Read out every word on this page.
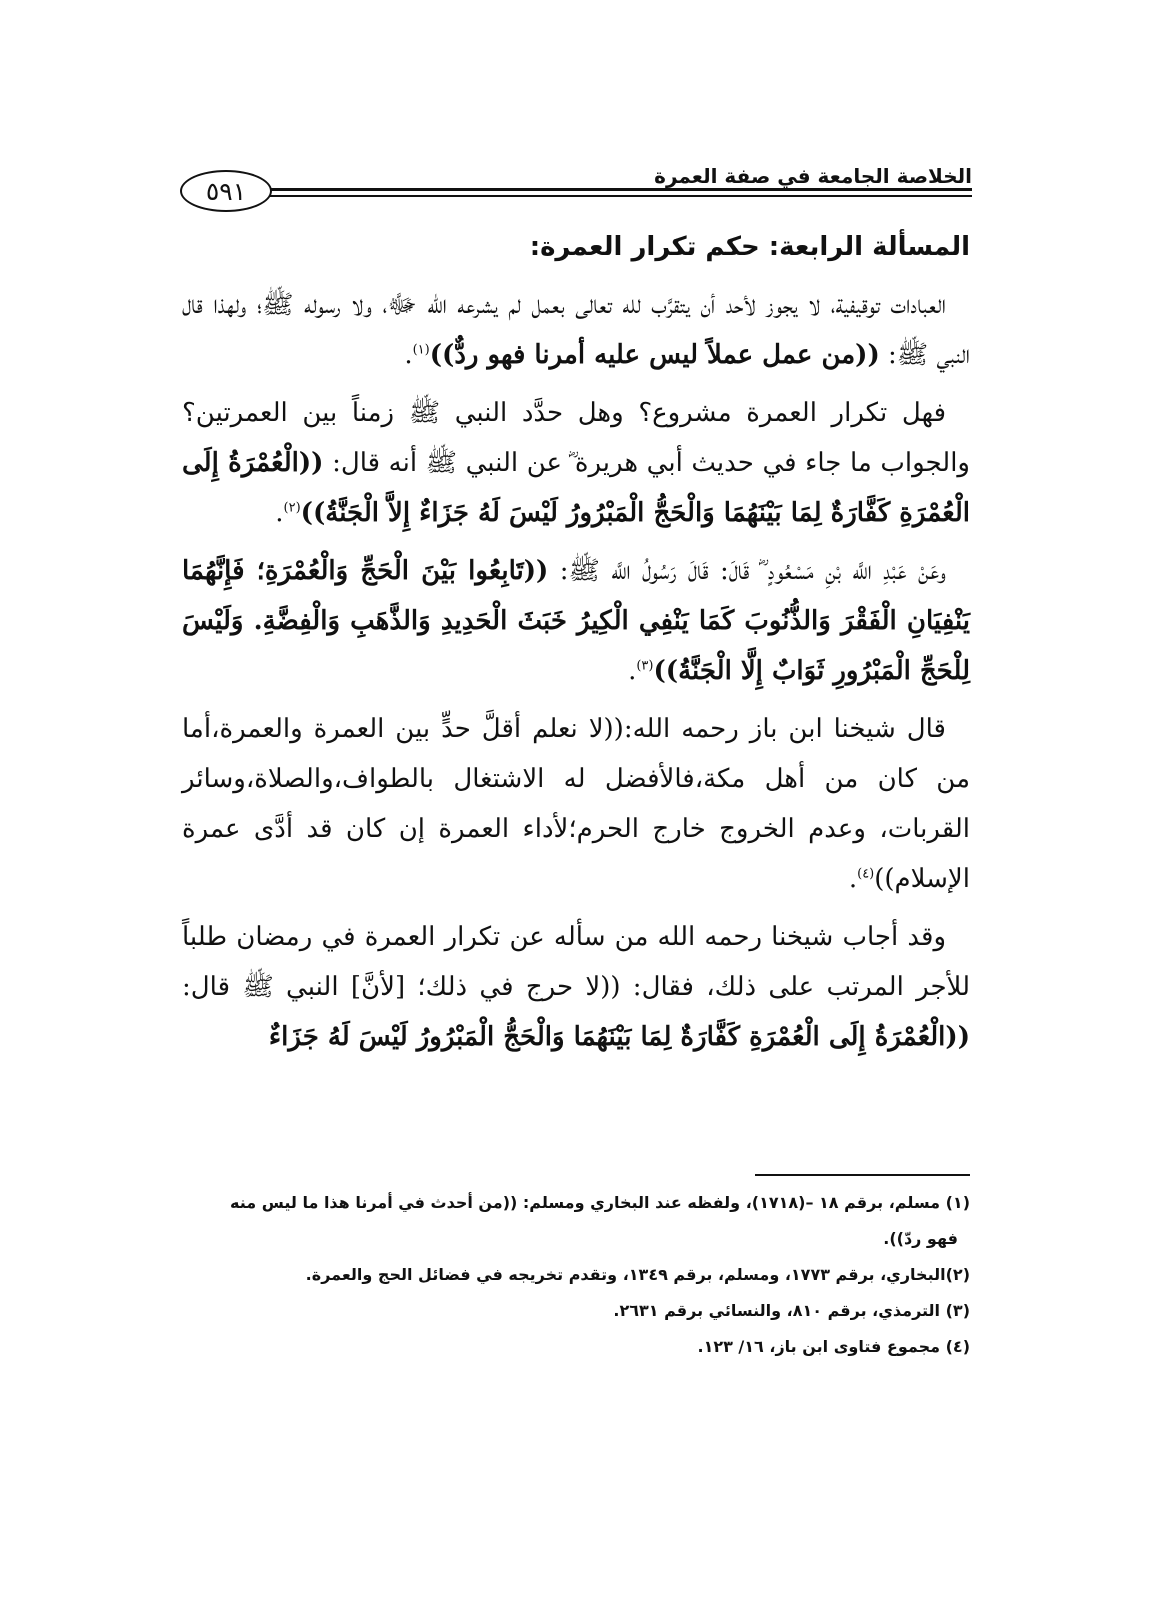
الخلاصة الجامعة في صفة العمرة
٥٩١
المسألة الرابعة: حكم تكرار العمرة:

العبادات توقيفية، لا يجوز لأحد أن يتقرَّب لله تعالى بعمل لم يشرعه الله ﷻ، ولا رسوله ﷺ؛ ولهذا قال النبي ﷺ: ((من عمل عملاً ليس عليه أمرنا فهو ردٌّ))$^{(١)}$.

فهل تكرار العمرة مشروع؟ وهل حدَّد النبي ﷺ زمناً بين العمرتين؟ والجواب ما جاء في حديث أبي هريرة ؓ عن النبي ﷺ أنه قال: ((الْعُمْرَةُ إِلَى الْعُمْرَةِ كَفَّارَةٌ لِمَا بَيْنَهُمَا وَالْحَجُّ الْمَبْرُورُ لَيْسَ لَهُ جَزَاءٌ إِلاَّ الْجَنَّةُ))$^{(٢)}$.

وعَنْ عَبْدِ اللَّه بْنِ مَسْعُودٍ ؓ قَالَ: قَالَ رَسُولُ اللَّه ﷺ: ((تَابِعُوا بَيْنَ الْحَجِّ وَالْعُمْرَةِ؛ فَإِنَّهُمَا يَنْفِيَانِ الْفَقْرَ وَالذُّنُوبَ كَمَا يَنْفِي الْكِيرُ خَبَثَ الْحَدِيدِ وَالذَّهَبِ وَالْفِضَّةِ. وَلَيْسَ لِلْحَجِّ الْمَبْرُورِ ثَوَابٌ إِلَّا الْجَنَّةُ))$^{(٣)}$.

قال شيخنا ابن باز رحمه الله:((لا نعلم أقلَّ حدٍّ بين العمرة والعمرة،أما من كان من أهل مكة،فالأفضل له الاشتغال بالطواف،والصلاة،وسائر القربات، وعدم الخروج خارج الحرم؛لأداء العمرة إن كان قد أدَّى عمرة الإسلام))$^{(٤)}$.

وقد أجاب شيخنا رحمه الله من سأله عن تكرار العمرة في رمضان طلباً للأجر المرتب على ذلك، فقال: ((لا حرج في ذلك؛ [لأنَّ] النبي ﷺ قال: ((الْعُمْرَةُ إِلَى الْعُمْرَةِ كَفَّارَةٌ لِمَا بَيْنَهُمَا وَالْحَجُّ الْمَبْرُورُ لَيْسَ لَهُ جَزَاءٌ

(١) مسلم، برقم ١٨ –(١٧١٨)، ولفظه عند البخاري ومسلم: ((من أحدث في أمرنا هذا ما ليس منه
فهو ردّ)).
(٢)البخاري، برقم ١٧٧٣، ومسلم، برقم ١٣٤٩، وتقدم تخريجه في فضائل الحج والعمرة.
(٣) الترمذي، برقم ٨١٠، والنسائي برقم ٢٦٣١.
(٤) مجموع فتاوى ابن باز، ١٦/ ١٢٣.
